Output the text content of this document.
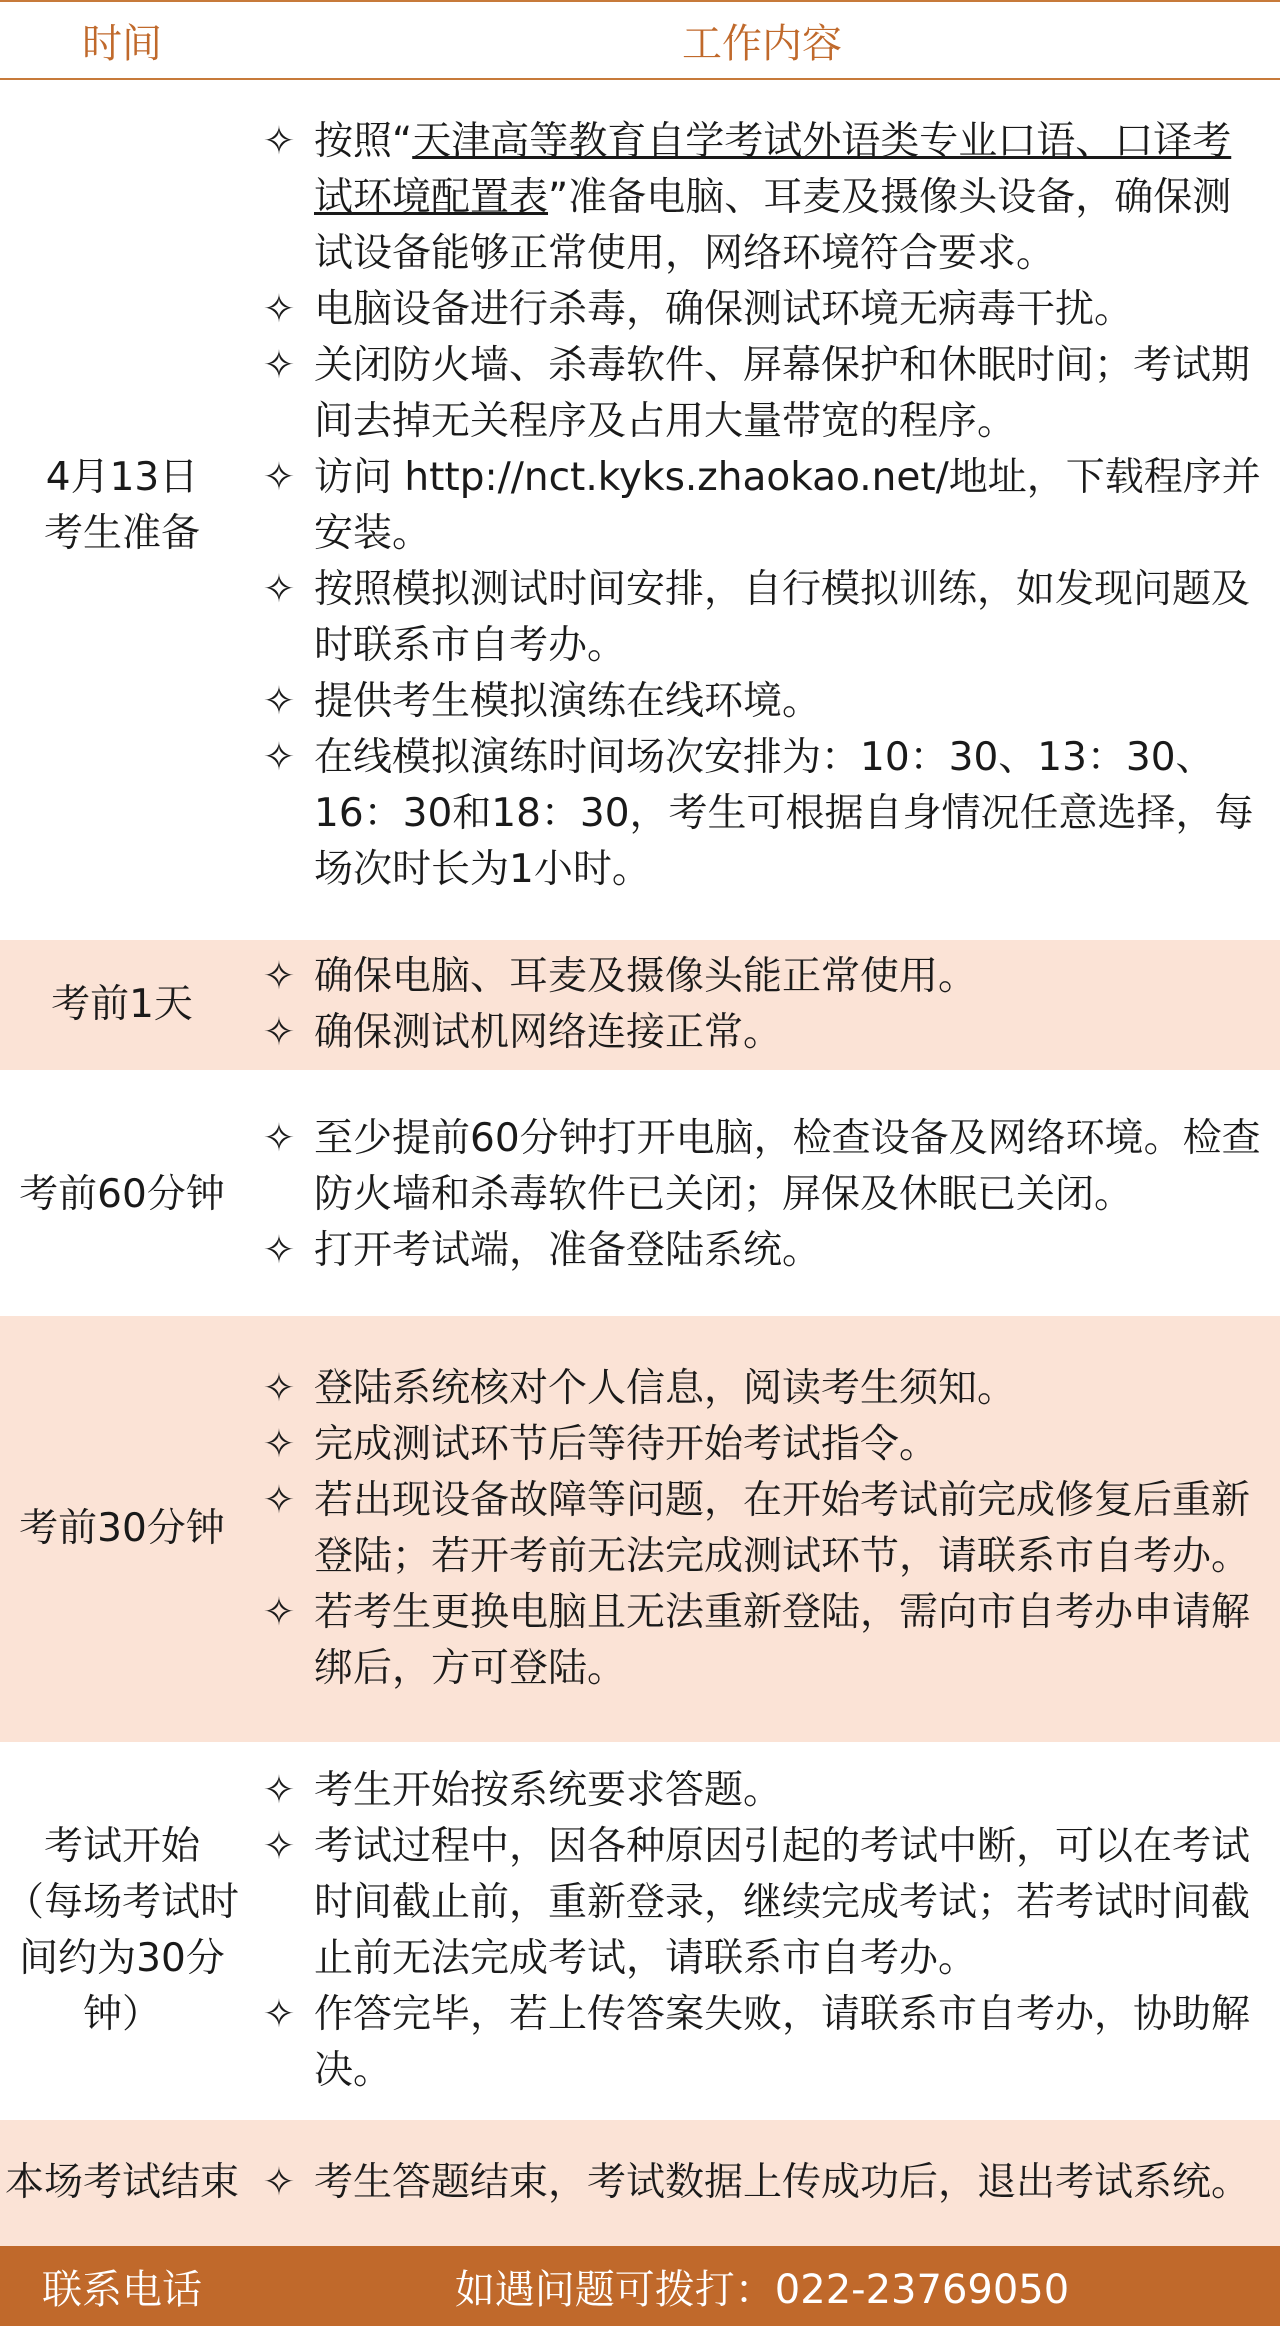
时间	工作内容
4月13日
考生准备
✧ 按照“天津高等教育自学考试外语类专业口语、口译考试环境配置表”准备电脑、耳麦及摄像头设备，确保测试设备能够正常使用，网络环境符合要求。
✧ 电脑设备进行杀毒，确保测试环境无病毒干扰。
✧ 关闭防火墙、杀毒软件、屏幕保护和休眠时间；考试期间去掉无关程序及占用大量带宽的程序。
✧ 访问 http://nct.kyks.zhaokao.net/地址，下载程序并安装。
✧ 按照模拟测试时间安排，自行模拟训练，如发现问题及时联系市自考办。
✧ 提供考生模拟演练在线环境。
✧ 在线模拟演练时间场次安排为：10：30、13：30、16：30和18：30，考生可根据自身情况任意选择，每场次时长为1小时。
考前1天
✧ 确保电脑、耳麦及摄像头能正常使用。
✧ 确保测试机网络连接正常。
考前60分钟
✧ 至少提前60分钟打开电脑，检查设备及网络环境。检查防火墙和杀毒软件已关闭；屏保及休眠已关闭。
✧ 打开考试端，准备登陆系统。
考前30分钟
✧ 登陆系统核对个人信息，阅读考生须知。
✧ 完成测试环节后等待开始考试指令。
✧ 若出现设备故障等问题，在开始考试前完成修复后重新登陆；若开考前无法完成测试环节，请联系市自考办。
✧ 若考生更换电脑且无法重新登陆，需向市自考办申请解绑后，方可登陆。
考试开始
（每场考试时间约为30分钟）
✧ 考生开始按系统要求答题。
✧ 考试过程中，因各种原因引起的考试中断，可以在考试时间截止前，重新登录，继续完成考试；若考试时间截止前无法完成考试，请联系市自考办。
✧ 作答完毕，若上传答案失败，请联系市自考办，协助解决。
本场考试结束 ✧ 考生答题结束，考试数据上传成功后，退出考试系统。
联系电话	如遇问题可拨打：022-23769050
